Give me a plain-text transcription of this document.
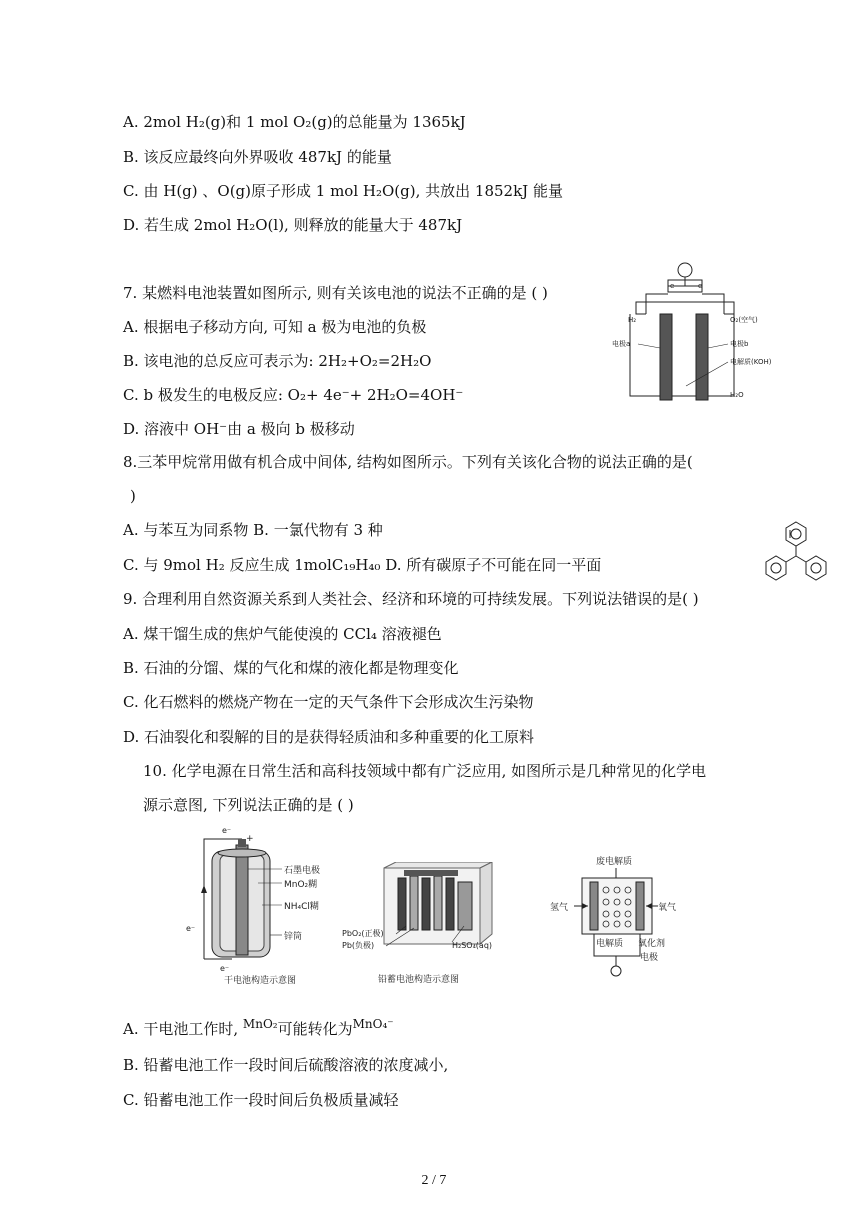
A. 2mol H₂(g)和 1 mol O₂(g)的总能量为 1365kJ
B. 该反应最终向外界吸收 487kJ 的能量
C. 由 H(g) 、O(g)原子形成 1 mol H₂O(g), 共放出 1852kJ 能量
D. 若生成 2mol H₂O(l), 则释放的能量大于 487kJ
7. 某燃料电池装置如图所示, 则有关该电池的说法不正确的是 ( )
A. 根据电子移动方向, 可知 a 极为电池的负极
B. 该电池的总反应可表示为: 2H₂+O₂=2H₂O
C. b 极发生的电极反应: O₂+ 4e⁻+ 2H₂O=4OH⁻
D. 溶液中 OH⁻由 a 极向 b 极移动
e	e
H₂	O₂(空气)
电极a	电极b
电解质(KOH)
H₂O
8.三苯甲烷常用做有机合成中间体, 结构如图所示。下列有关该化合物的说法正确的是(
)
A. 与苯互为同系物 B. 一氯代物有 3 种
C. 与 9mol H₂ 反应生成 1molC₁₉H₄₀ D. 所有碳原子不可能在同一平面
9. 合理利用自然资源关系到人类社会、经济和环境的可持续发展。下列说法错误的是( )
A. 煤干馏生成的焦炉气能使溴的 CCl₄ 溶液褪色
B. 石油的分馏、煤的气化和煤的液化都是物理变化
C. 化石燃料的燃烧产物在一定的天气条件下会形成次生污染物
D. 石油裂化和裂解的目的是获得轻质油和多种重要的化工原料
10. 化学电源在日常生活和高科技领域中都有广泛应用, 如图所示是几种常见的化学电
源示意图, 下列说法正确的是 ( )
e⁻
+
e⁻
e⁻
石墨电极
MnO₂糊
NH₄Cl糊
锌筒
干电池构造示意图
PbO₂(正极)
Pb(负极)	H₂SO₄(aq)
铅蓄电池构造示意图
废电解质
氢气	氧气
电解质 氧化剂
电极
A. 干电池工作时, $^{MnO_2}$可能转化为$^{MnO_4^-}$
B. 铅蓄电池工作一段时间后硫酸溶液的浓度减小,
C. 铅蓄电池工作一段时间后负极质量减轻
2 / 7
